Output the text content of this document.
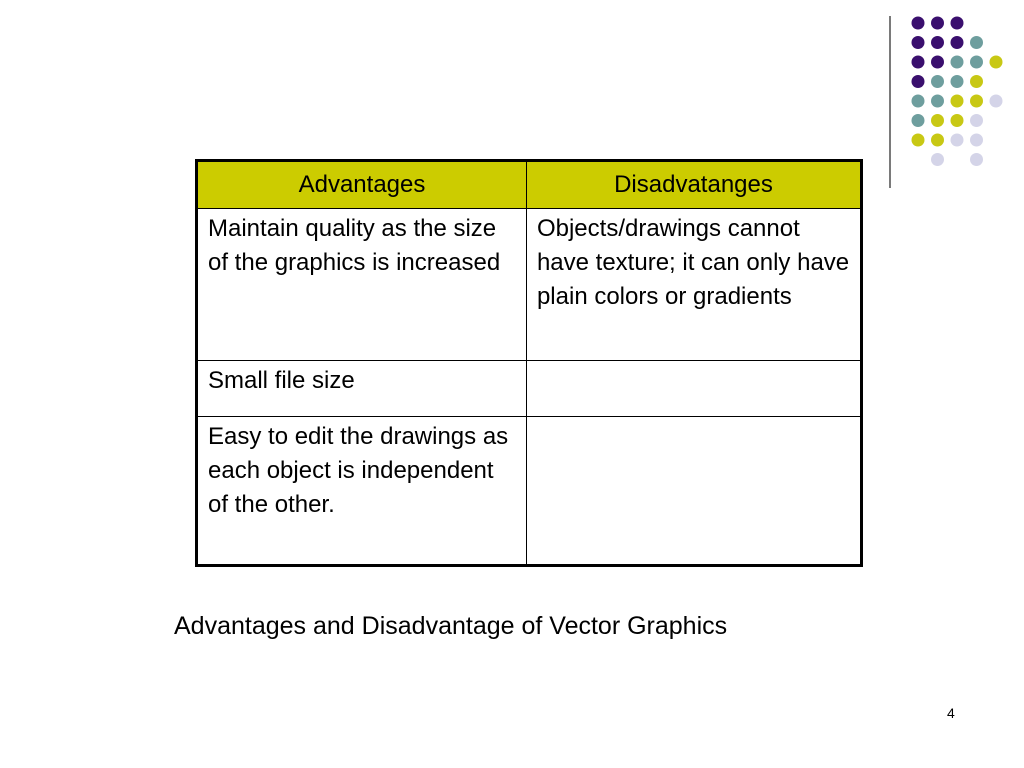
Advantages	Disadvatanges
Maintain quality as the size of the graphics is increased	Objects/drawings cannot have texture; it can only have plain colors or gradients
Small file size	
Easy to edit the drawings as each object is independent of the other.	
Advantages and Disadvantage of Vector Graphics
4
